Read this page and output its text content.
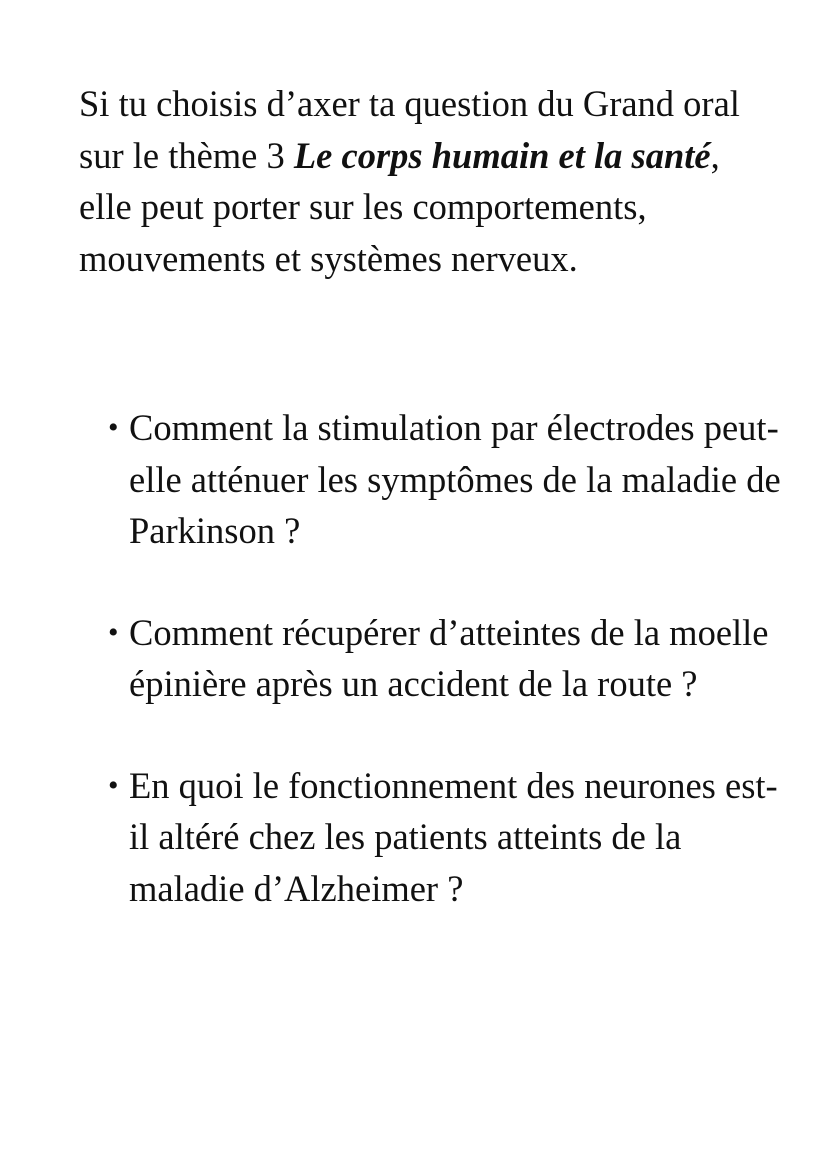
Si tu choisis d’axer ta question du Grand oral sur le thème 3 Le corps humain et la santé, elle peut porter sur les comportements, mouvements et systèmes nerveux.

• Comment la stimulation par électrodes peut-elle atténuer les symptômes de la maladie de Parkinson ?
• Comment récupérer d’atteintes de la moelle épinière après un accident de la route ?
• En quoi le fonctionnement des neurones est-il altéré chez les patients atteints de la maladie d’Alzheimer ?
